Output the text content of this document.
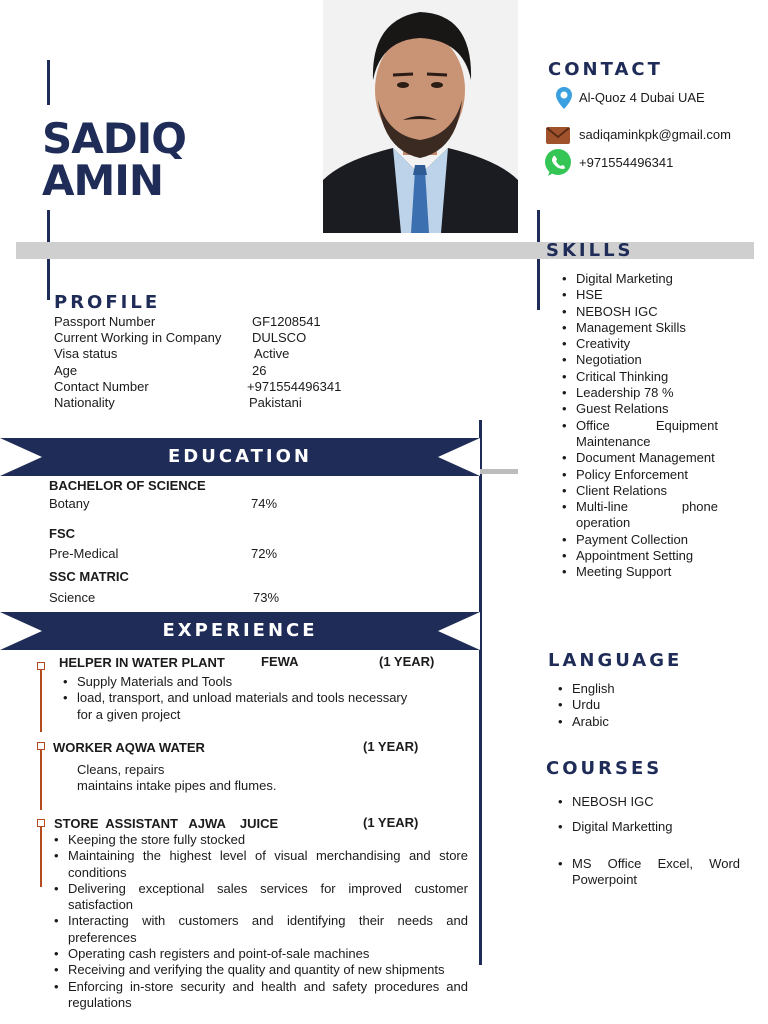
SADIQ
AMIN
CONTACT
Al-Quoz 4 Dubai UAE
sadiqaminkpk@gmail.com
+971554496341
SKILLS
• Digital Marketing
• HSE
• NEBOSH IGC
• Management Skills
• Creativity
• Negotiation
• Critical Thinking
• Leadership 78 %
• Guest Relations
• Office Equipment Maintenance
• Document Management
• Policy Enforcement
• Client Relations
• Multi-line phone operation
• Payment Collection
• Appointment Setting
• Meeting Support
LANGUAGE
• English
• Urdu
• Arabic
COURSES
• NEBOSH IGC
• Digital Marketting
• MS Office Excel, Word Powerpoint
PROFILE
Passport Number	GF1208541
Current Working in Company DULSCO
Visa status	Active
Age	26
Contact Number	+971554496341
Nationality	Pakistani
EDUCATION
BACHELOR OF SCIENCE
Botany	74%
FSC
Pre-Medical	72%
SSC MATRIC
Science	73%
EXPERIENCE
HELPER IN WATER PLANT	FEWA	(1 YEAR)
• Supply Materials and Tools
• load, transport, and unload materials and tools necessary for a given project
WORKER AQWA WATER	(1 YEAR)
Cleans, repairs
maintains intake pipes and flumes.
STORE  ASSISTANT   AJWA    JUICE	(1 YEAR)
• Keeping the store fully stocked
• Maintaining the highest level of visual merchandising and store conditions
• Delivering exceptional sales services for improved customer satisfaction
• Interacting with customers and identifying their needs and preferences
• Operating cash registers and point-of-sale machines
• Receiving and verifying the quality and quantity of new shipments
• Enforcing in-store security and health and safety procedures and regulations
